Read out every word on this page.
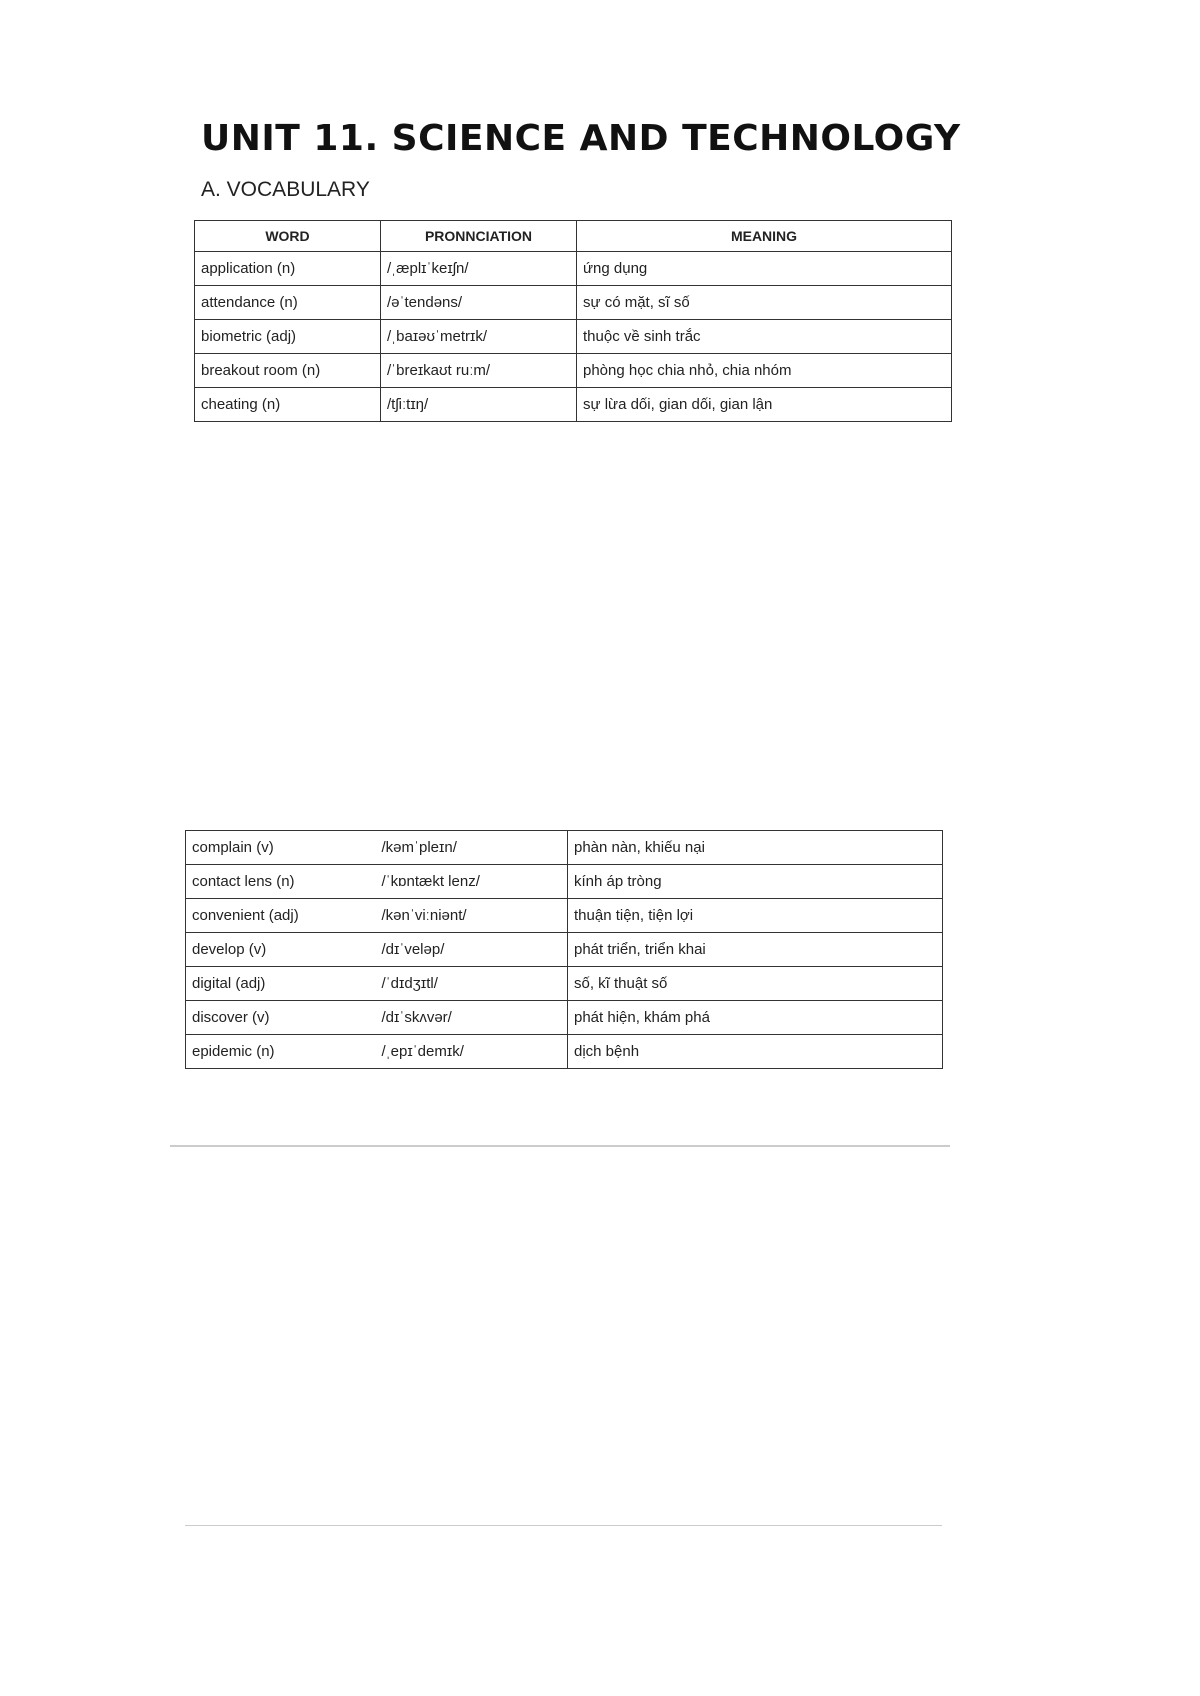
UNIT 11. SCIENCE AND TECHNOLOGY
A. VOCABULARY
WORD	PRONNCIATION	MEANING
application (n)	/ˌæplɪˈkeɪʃn/	ứng dụng

attendance (n)	/əˈtendəns/	sự có mặt, sĩ số

biometric (adj)	/ˌbaɪəʊˈmetrɪk/	thuộc về sinh trắc

breakout room (n)	/ˈbreɪkaʊt ruːm/	phòng học chia nhỏ, chia nhóm

cheating (n)	/tʃiːtɪŋ/	sự lừa dối, gian dối, gian lận

complain (v)	/kəmˈpleɪn/	phàn nàn, khiếu nại

contact lens (n)	/ˈkɒntækt lenz/	kính áp tròng

convenient (adj)	/kənˈviːniənt/	thuận tiện, tiện lợi

develop (v)	/dɪˈveləp/	phát triển, triển khai

digital (adj)	/ˈdɪdʒɪtl/	số, kĩ thuật số

discover (v)	/dɪˈskʌvər/	phát hiện, khám phá

epidemic (n)	/ˌepɪˈdemɪk/	dịch bệnh
